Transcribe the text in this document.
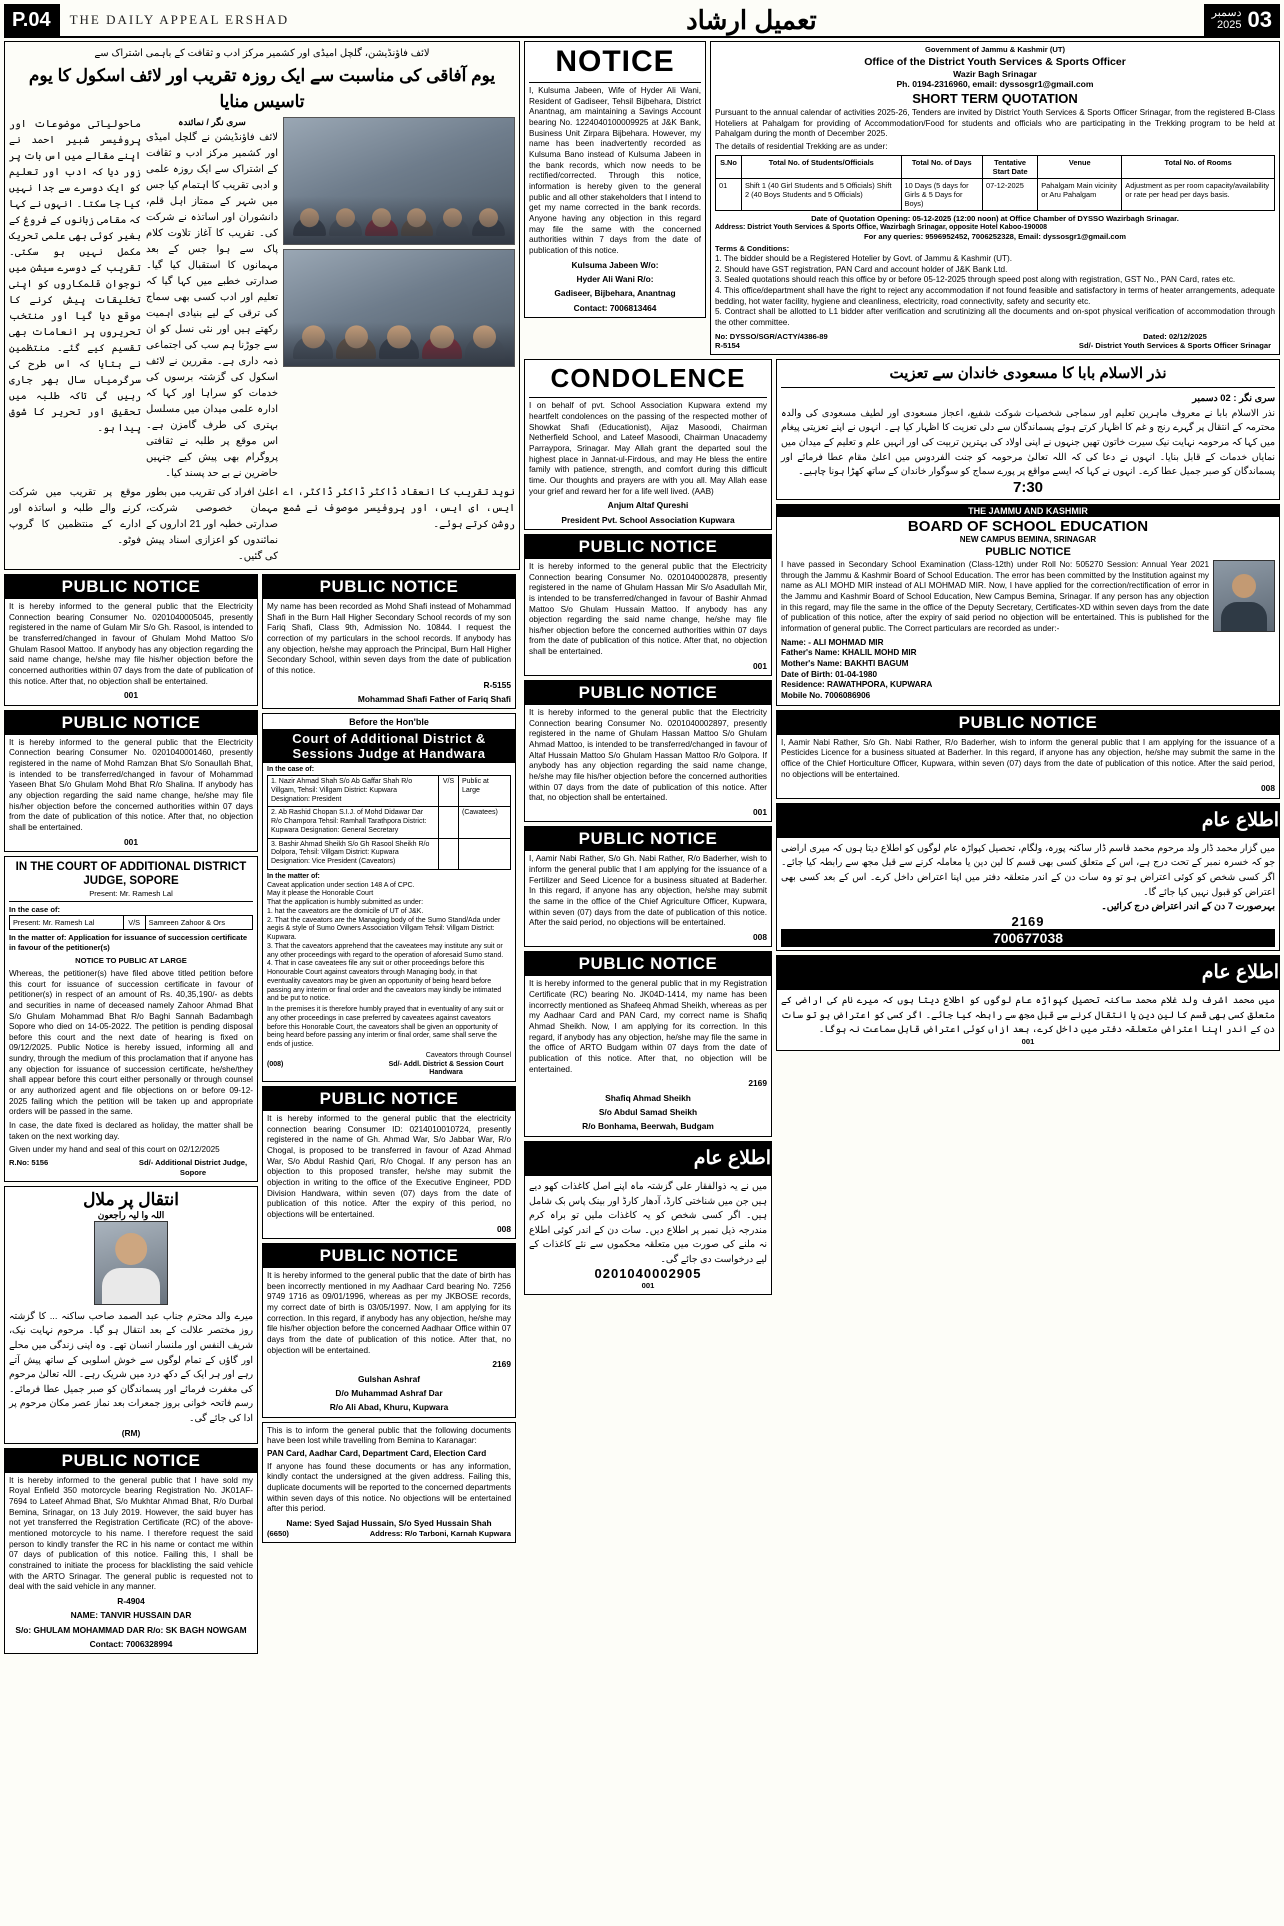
P.04	THE DAILY APPEAL ERSHAD	تعمیل ارشاد	دسمبر
2025 03
لائف فاؤنڈیشن، گلچل امیڈی اور کشمیر مرکز ادب و ثقافت کے باہمی اشتراک سے
یوم آفاقی کی مناسبت سے ایک روزہ تقریب اور لائف اسکول کا یوم تاسیس منایا
سری نگر / نمائندہ
لائف فاؤنڈیشن نے گلچل امیڈی اور کشمیر مرکز ادب و ثقافت کے اشتراک سے ایک روزہ علمی و ادبی تقریب کا اہتمام کیا جس میں شہر کے ممتاز اہل قلم، دانشوران اور اساتذہ نے شرکت کی۔ تقریب کا آغاز تلاوت کلام پاک سے ہوا جس کے بعد مہمانوں کا استقبال کیا گیا۔ صدارتی خطبے میں کہا گیا کہ تعلیم اور ادب کسی بھی سماج کی ترقی کے لیے بنیادی اہمیت رکھتے ہیں اور نئی نسل کو ان سے جوڑنا ہم سب کی اجتماعی ذمہ داری ہے۔ مقررین نے لائف اسکول کی گزشتہ برسوں کی خدمات کو سراہا اور کہا کہ ادارہ علمی میدان میں مسلسل بہتری کی طرف گامزن ہے۔ اس موقع پر طلبہ نے ثقافتی پروگرام بھی پیش کیے جنہیں حاضرین نے بے حد پسند کیا۔
ماحولیاتی موضوعات اور پروفیسر شبیر احمد نے اپنے مقالے میں اس بات پر زور دیا کہ ادب اور تعلیم کو ایک دوسرے سے جدا نہیں کیا جا سکتا۔ انہوں نے کہا کہ مقامی زبانوں کے فروغ کے بغیر کوئی بھی علمی تحریک مکمل نہیں ہو سکتی۔ تقریب کے دوسرے سیشن میں نوجوان قلمکاروں کو اپنی تخلیقات پیش کرنے کا موقع دیا گیا اور منتخب تحریروں پر انعامات بھی تقسیم کیے گئے۔ منتظمین نے بتایا کہ اس طرح کی سرگرمیاں سال بھر جاری رہیں گی تاکہ طلبہ میں تحقیق اور تحریر کا شوق پیدا ہو۔
نوید تقریب کا انعقاد ڈاکٹر ڈاکٹر ڈاکٹر، اے ایس، ای ایس، اور پروفیسر موصوف نے شمع روشن کرتے ہوئے۔
اعلیٰ افراد کی تقریب میں بطور مہمان خصوصی شرکت، صدارتی خطبہ اور 21 اداروں کے نمائندوں کو اعزازی اسناد پیش کی گئیں۔
موقع پر تقریب میں شرکت کرنے والے طلبہ و اساتذہ اور ادارے کے منتظمین کا گروپ فوٹو۔
PUBLIC NOTICE
It is hereby informed to the general public that the Electricity Connection bearing Consumer No. 0201040005045, presently registered in the name of Gulam Mir S/o Gh. Rasool, is intended to be transferred/changed in favour of Ghulam Mohd Mattoo S/o Ghulam Rasool Mattoo. If anybody has any objection regarding the said name change, he/she may file his/her objection before the concerned authorities within 07 days from the date of publication of this notice. After that, no objection shall be entertained.
001
PUBLIC NOTICE
It is hereby informed to the general public that the Electricity Connection bearing Consumer No. 0201040001460, presently registered in the name of Mohd Ramzan Bhat S/o Sonaullah Bhat, is intended to be transferred/changed in favour of Mohammad Yaseen Bhat S/o Ghulam Mohd Bhat R/o Shalina. If anybody has any objection regarding the said name change, he/she may file his/her objection before the concerned authorities within 07 days from the date of publication of this notice. After that, no objection shall be entertained.
001
IN THE COURT OF ADDITIONAL DISTRICT JUDGE, SOPORE
Present: Mr. Ramesh Lal
In the case of:
Present: Mr. Ramesh Lal	V/S	Samreen Zahoor & Ors
In the matter of: Application for issuance of succession certificate in favour of the petitioner(s)
NOTICE TO PUBLIC AT LARGE
Whereas, the petitioner(s) have filed above titled petition before this court for issuance of succession certificate in favour of petitioner(s) in respect of an amount of Rs. 40,35,190/- as debts and securities in name of deceased namely Zahoor Ahmad Bhat S/o Ghulam Mohammad Bhat R/o Baghi Sannah Badambagh Sopore who died on 14-05-2022. The petition is pending disposal before this court and the next date of hearing is fixed on 09/12/2025. Public Notice is hereby issued, informing all and sundry, through the medium of this proclamation that if anyone has any objection for issuance of succession certificate, he/she/they shall appear before this court either personally or through counsel or any authorized agent and file objections on or before 09-12-2025 failing which the petition will be taken up and appropriate orders will be passed in the same.
In case, the date fixed is declared as holiday, the matter shall be taken on the next working day.
Given under my hand and seal of this court on 02/12/2025
R.No: 5156	Sd/- Additional District Judge, Sopore
انتقال پر ملال
اللہ وا لیہ راجعون
میرے والد محترم جناب عبد الصمد صاحب ساکنہ ... کا گزشتہ روز مختصر علالت کے بعد انتقال ہو گیا۔ مرحوم نہایت نیک، شریف النفس اور ملنسار انسان تھے۔ وہ اپنی زندگی میں محلے اور گاؤں کے تمام لوگوں سے خوش اسلوبی کے ساتھ پیش آتے رہے اور ہر ایک کے دکھ درد میں شریک رہے۔ اللہ تعالیٰ مرحوم کی مغفرت فرمائے اور پسماندگان کو صبر جمیل عطا فرمائے۔ رسم فاتحہ خوانی بروز جمعرات بعد نماز عصر مکان مرحوم پر ادا کی جائے گی۔
(RM)
PUBLIC NOTICE
It is hereby informed to the general public that I have sold my Royal Enfield 350 motorcycle bearing Registration No. JK01AF-7694 to Lateef Ahmad Bhat, S/o Mukhtar Ahmad Bhat, R/o Durbal Bemina, Srinagar, on 13 July 2019. However, the said buyer has not yet transferred the Registration Certificate (RC) of the above-mentioned motorcycle to his name. I therefore request the said person to kindly transfer the RC in his name or contact me within 07 days of publication of this notice. Failing this, I shall be constrained to initiate the process for blacklisting the said vehicle with the ARTO Srinagar. The general public is requested not to deal with the said vehicle in any manner.
R-4904
NAME: TANVIR HUSSAIN DAR
S/o: GHULAM MOHAMMAD DAR R/o: SK BAGH NOWGAM
Contact: 7006328994
PUBLIC NOTICE
My name has been recorded as Mohd Shafi instead of Mohammad Shafi in the Burn Hall Higher Secondary School records of my son Fariq Shafi, Class 9th, Admission No. 10844. I request the correction of my particulars in the school records. If anybody has any objection, he/she may approach the Principal, Burn Hall Higher Secondary School, within seven days from the date of publication of this notice.
R-5155
Mohammad Shafi Father of Fariq Shafi
Before the Hon'ble
Court of Additional District & Sessions Judge at Handwara
In the case of:
1. Nazir Ahmad Shah S/o Ab Gaffar Shah R/o Villgam, Tehsil: Villgam District: Kupwara Designation: President	V/S	Public at Large
2. Ab Rashid Chopan S.I.J. of Mohd Didawar Dar R/o Champora Tehsil: Ramhall Tarathpora District: Kupwara Designation: General Secretary		(Cawatees)
3. Bashir Ahmad Sheikh S/o Gh Rasool Sheikh R/o Dolpora, Tehsil: Villgam District: Kupwara Designation: Vice President (Caveators)		
In the matter of:
Caveat application under section 148 A of CPC.
May it please the Honorable Court
That the application is humbly submitted as under:
1. hat the caveators are the domicile of UT of J&K.
2. That the caveators are the Managing body of the Sumo Stand/Ada under aegis & style of Sumo Owners Association Villgam Tehsil: Villgam District: Kupwara.
3. That the caveators apprehend that the caveatees may institute any suit or any other proceedings with regard to the operation of aforesaid Sumo stand.
4. That in case caveatees file any suit or other proceedings before this Honourable Court against caveators through Managing body, in that eventuality caveators may be given an opportunity of being heard before passing any interim or final order and the caveators may kindly be intimated and be put to notice.
In the premises it is therefore humbly prayed that in eventuality of any suit or any other proceedings in case preferred by caveatees against caveators before this Honorable Court, the caveators shall be given an opportunity of being heard before passing any interim or final order, same shall serve the ends of justice.
Caveators through Counsel
(008)	Sd/- Addl. District & Session Court Handwara
PUBLIC NOTICE
It is hereby informed to the general public that the electricity connection bearing Consumer ID: 0214010010724, presently registered in the name of Gh. Ahmad War, S/o Jabbar War, R/o Chogal, is proposed to be transferred in favour of Azad Ahmad War, S/o Abdul Rashid Qari, R/o Chogal. If any person has an objection to this proposed transfer, he/she may submit the objection in writing to the office of the Executive Engineer, PDD Division Handwara, within seven (07) days from the date of publication of this notice. After the expiry of this period, no objections will be entertained.
008
PUBLIC NOTICE
It is hereby informed to the general public that the date of birth has been incorrectly mentioned in my Aadhaar Card bearing No. 7256 9749 1716 as 09/01/1996, whereas as per my JKBOSE records, my correct date of birth is 03/05/1997. Now, I am applying for its correction. In this regard, if anybody has any objection, he/she may file his/her objection before the concerned Aadhaar Office within 07 days from the date of publication of this notice. After that, no objection will be entertained.
2169
Gulshan Ashraf
D/o Muhammad Ashraf Dar
R/o Ali Abad, Khuru, Kupwara
This is to inform the general public that the following documents have been lost while travelling from Bemina to Karanagar:
PAN Card, Aadhar Card, Department Card, Election Card
If anyone has found these documents or has any information, kindly contact the undersigned at the given address. Failing this, duplicate documents will be reported to the concerned departments within seven days of this notice. No objections will be entertained after this period.
Name: Syed Sajad Hussain, S/o Syed Hussain Shah
(6650)	Address: R/o Tarboni, Karnah Kupwara
NOTICE
I, Kulsuma Jabeen, Wife of Hyder Ali Wani, Resident of Gadiseer, Tehsil Bijbehara, District Anantnag, am maintaining a Savings Account bearing No. 1224040100009925 at J&K Bank, Business Unit Zirpara Bijbehara. However, my name has been inadvertently recorded as Kulsuma Bano instead of Kulsuma Jabeen in the bank records, which now needs to be rectified/corrected. Through this notice, information is hereby given to the general public and all other stakeholders that I intend to get my name corrected in the bank records. Anyone having any objection in this regard may file the same with the concerned authorities within 7 days from the date of publication of this notice.
Kulsuma Jabeen W/o:
Hyder Ali Wani R/o:
Gadiseer, Bijbehara, Anantnag
Contact: 7006813464
Government of Jammu & Kashmir (UT)
Office of the District Youth Services & Sports Officer
Wazir Bagh Srinagar
Ph. 0194-2316960, email: dyssosgr1@gmail.com
SHORT TERM QUOTATION
Pursuant to the annual calendar of activities 2025-26, Tenders are invited by District Youth Services & Sports Officer Srinagar, from the registered B-Class Hoteliers at Pahalgam for providing of Accommodation/Food for students and officials who are participating in the Trekking program to be held at Pahalgam during the month of December 2025.
The details of residential Trekking are as under:
S.No	Total No. of Students/Officials	Total No. of Days	Tentative Start Date	Venue	Total No. of Rooms
01	Shift 1 (40 Girl Students and 5 Officials) Shift 2 (40 Boys Students and 5 Officials)	10 Days (5 days for Girls & 5 Days for Boys)	07-12-2025	Pahalgam Main vicinity or Aru Pahalgam	Adjustment as per room capacity/availability or rate per head per days basis.
Date of Quotation Opening: 05-12-2025 (12:00 noon) at Office Chamber of DYSSO Wazirbagh Srinagar.
Address: District Youth Services & Sports Office, Wazirbagh Srinagar, opposite Hotel Kaboo-190008
For any queries: 9596952452, 7006252328, Email: dyssosgr1@gmail.com
Terms & Conditions:
1. The bidder should be a Registered Hotelier by Govt. of Jammu & Kashmir (UT).
2. Should have GST registration, PAN Card and account holder of J&K Bank Ltd.
3. Sealed quotations should reach this office by or before 05-12-2025 through speed post along with registration, GST No., PAN Card, rates etc.
4. This office/department shall have the right to reject any accommodation if not found feasible and satisfactory in terms of heater arrangements, adequate bedding, hot water facility, hygiene and cleanliness, electricity, road connectivity, safety and security etc.
5. Contract shall be allotted to L1 bidder after verification and scrutinizing all the documents and on-spot physical verification of accommodation through the other committee.
No: DYSSO/SGR/ACTY/4386-89
R-5154
Dated: 02/12/2025
Sd/- District Youth Services & Sports Officer Srinagar
CONDOLENCE
I on behalf of pvt. School Association Kupwara extend my heartfelt condolences on the passing of the respected mother of Showkat Shafi (Educationist), Aijaz Masoodi, Chairman Netherfield School, and Lateef Masoodi, Chairman Unacademy Parraypora, Srinagar. May Allah grant the departed soul the highest place in Jannat-ul-Firdous, and may He bless the entire family with patience, strength, and comfort during this difficult time. Our thoughts and prayers are with you all. May Allah ease your grief and reward her for a life well lived. (AAB)
Anjum Altaf Qureshi
President Pvt. School Association Kupwara
PUBLIC NOTICE
It is hereby informed to the general public that the Electricity Connection bearing Consumer No. 0201040002878, presently registered in the name of Ghulam Hassan Mir S/o Asadullah Mir, is intended to be transferred/changed in favour of Bashir Ahmad Mattoo S/o Ghulam Hussain Mattoo. If anybody has any objection regarding the said name change, he/she may file his/her objection before the concerned authorities within 07 days from the date of publication of this notice. After that, no objection shall be entertained.
001
PUBLIC NOTICE
It is hereby informed to the general public that the Electricity Connection bearing Consumer No. 0201040002897, presently registered in the name of Ghulam Hassan Mattoo S/o Ghulam Ahmad Mattoo, is intended to be transferred/changed in favour of Altaf Hussain Mattoo S/o Ghulam Hassan Mattoo R/o Golpora. If anybody has any objection regarding the said name change, he/she may file his/her objection before the concerned authorities within 07 days from the date of publication of this notice. After that, no objection shall be entertained.
001
PUBLIC NOTICE
I, Aamir Nabi Rather, S/o Gh. Nabi Rather, R/o Baderher, wish to inform the general public that I am applying for the issuance of a Fertilizer and Seed Licence for a business situated at Baderher. In this regard, if anyone has any objection, he/she may submit the same in the office of the Chief Agriculture Officer, Kupwara, within seven (07) days from the date of publication of this notice. After the said period, no objections will be entertained.
008
PUBLIC NOTICE
It is hereby informed to the general public that in my Registration Certificate (RC) bearing No. JK04D-1414, my name has been incorrectly mentioned as Shafeeq Ahmad Sheikh, whereas as per my Aadhaar Card and PAN Card, my correct name is Shafiq Ahmad Sheikh. Now, I am applying for its correction. In this regard, if anybody has any objection, he/she may file the same in the office of ARTO Budgam within 07 days from the date of publication of this notice. After that, no objection will be entertained.
2169
Shafiq Ahmad Sheikh
S/o Abdul Samad Sheikh
R/o Bonhama, Beerwah, Budgam
اطلاع عام
میں نے یہ ذوالفقار علی گزشتہ ماہ اپنے اصل کاغذات کھو دیے ہیں جن میں شناختی کارڈ، آدھار کارڈ اور بینک پاس بک شامل ہیں۔ اگر کسی شخص کو یہ کاغذات ملیں تو براہ کرم مندرجہ ذیل نمبر پر اطلاع دیں۔ سات دن کے اندر کوئی اطلاع نہ ملنے کی صورت میں متعلقہ محکموں سے نئے کاغذات کے لیے درخواست دی جائے گی۔
0201040002905
001
نذر الاسلام بابا کا مسعودی خاندان سے تعزیت
سری نگر : 02 دسمبر
نذر الاسلام بابا نے معروف ماہرین تعلیم اور سماجی شخصیات شوکت شفیع، اعجاز مسعودی اور لطیف مسعودی کی والدہ محترمہ کے انتقال پر گہرے رنج و غم کا اظہار کرتے ہوئے پسماندگان سے دلی تعزیت کا اظہار کیا ہے۔ انہوں نے اپنے تعزیتی پیغام میں کہا کہ مرحومہ نہایت نیک سیرت خاتون تھیں جنہوں نے اپنی اولاد کی بہترین تربیت کی اور انہیں علم و تعلیم کے میدان میں نمایاں خدمات کے قابل بنایا۔ انہوں نے دعا کی کہ اللہ تعالیٰ مرحومہ کو جنت الفردوس میں اعلیٰ مقام عطا فرمائے اور پسماندگان کو صبر جمیل عطا کرے۔ انہوں نے کہا کہ ایسے مواقع پر پورے سماج کو سوگوار خاندان کے ساتھ کھڑا ہونا چاہیے۔
7:30
THE JAMMU AND KASHMIR
BOARD OF SCHOOL EDUCATION
NEW CAMPUS BEMINA, SRINAGAR
PUBLIC NOTICE
I have passed in Secondary School Examination (Class-12th) under Roll No: 505270 Session: Annual Year 2021 through the Jammu & Kashmir Board of School Education. The error has been committed by the Institution against my name as ALI MOHD MIR instead of ALI MOHMAD MIR. Now, I have applied for the correction/rectification of error in the Jammu and Kashmir Board of School Education, New Campus Bemina, Srinagar. If any person has any objection in this regard, may file the same in the office of the Deputy Secretary, Certificates-XD within seven days from the date of publication of this notice, after the expiry of said period no objection will be entertained. This is published for the information of general public. The Correct particulars are recorded as under:-
Name: - ALI MOHMAD MIR
Father's Name: KHALIL MOHD MIR
Mother's Name: BAKHTI BAGUM
Date of Birth: 01-04-1980
Residence: RAWATHPORA, KUPWARA
Mobile No. 7006086906
PUBLIC NOTICE
I, Aamir Nabi Rather, S/o Gh. Nabi Rather, R/o Baderher, wish to inform the general public that I am applying for the issuance of a Pesticides Licence for a business situated at Baderher. In this regard, if anyone has any objection, he/she may submit the same in the office of the Chief Horticulture Officer, Kupwara, within seven (07) days from the date of publication of this notice. After the said period, no objections will be entertained.
008
اطلاع عام
میں گزار محمد ڈار ولد مرحوم محمد قاسم ڈار ساکنہ پورہ، ولگام، تحصیل کپواڑہ عام لوگوں کو اطلاع دیتا ہوں کہ میری اراضی جو کہ خسرہ نمبر کے تحت درج ہے، اس کے متعلق کسی بھی قسم کا لین دین یا معاملہ کرنے سے قبل مجھ سے رابطہ کیا جائے۔ اگر کسی شخص کو کوئی اعتراض ہو تو وہ سات دن کے اندر متعلقہ دفتر میں اپنا اعتراض داخل کرے۔ اس کے بعد کسی بھی اعتراض کو قبول نہیں کیا جائے گا۔
بہرصورت 7 دن کے اندر اعتراض درج کرائیں۔
2169
700677038
اطلاع عام
میں محمد اشرف ولد غلام محمد ساکنہ تحصیل کپواڑہ عام لوگوں کو اطلاع دیتا ہوں کہ میرے نام کی اراضی کے متعلق کسی بھی قسم کا لین دین یا انتقال کرنے سے قبل مجھ سے رابطہ کیا جائے۔ اگر کسی کو اعتراض ہو تو سات دن کے اندر اپنا اعتراض متعلقہ دفتر میں داخل کرے، بعد ازاں کوئی اعتراض قابل سماعت نہ ہوگا۔
001
